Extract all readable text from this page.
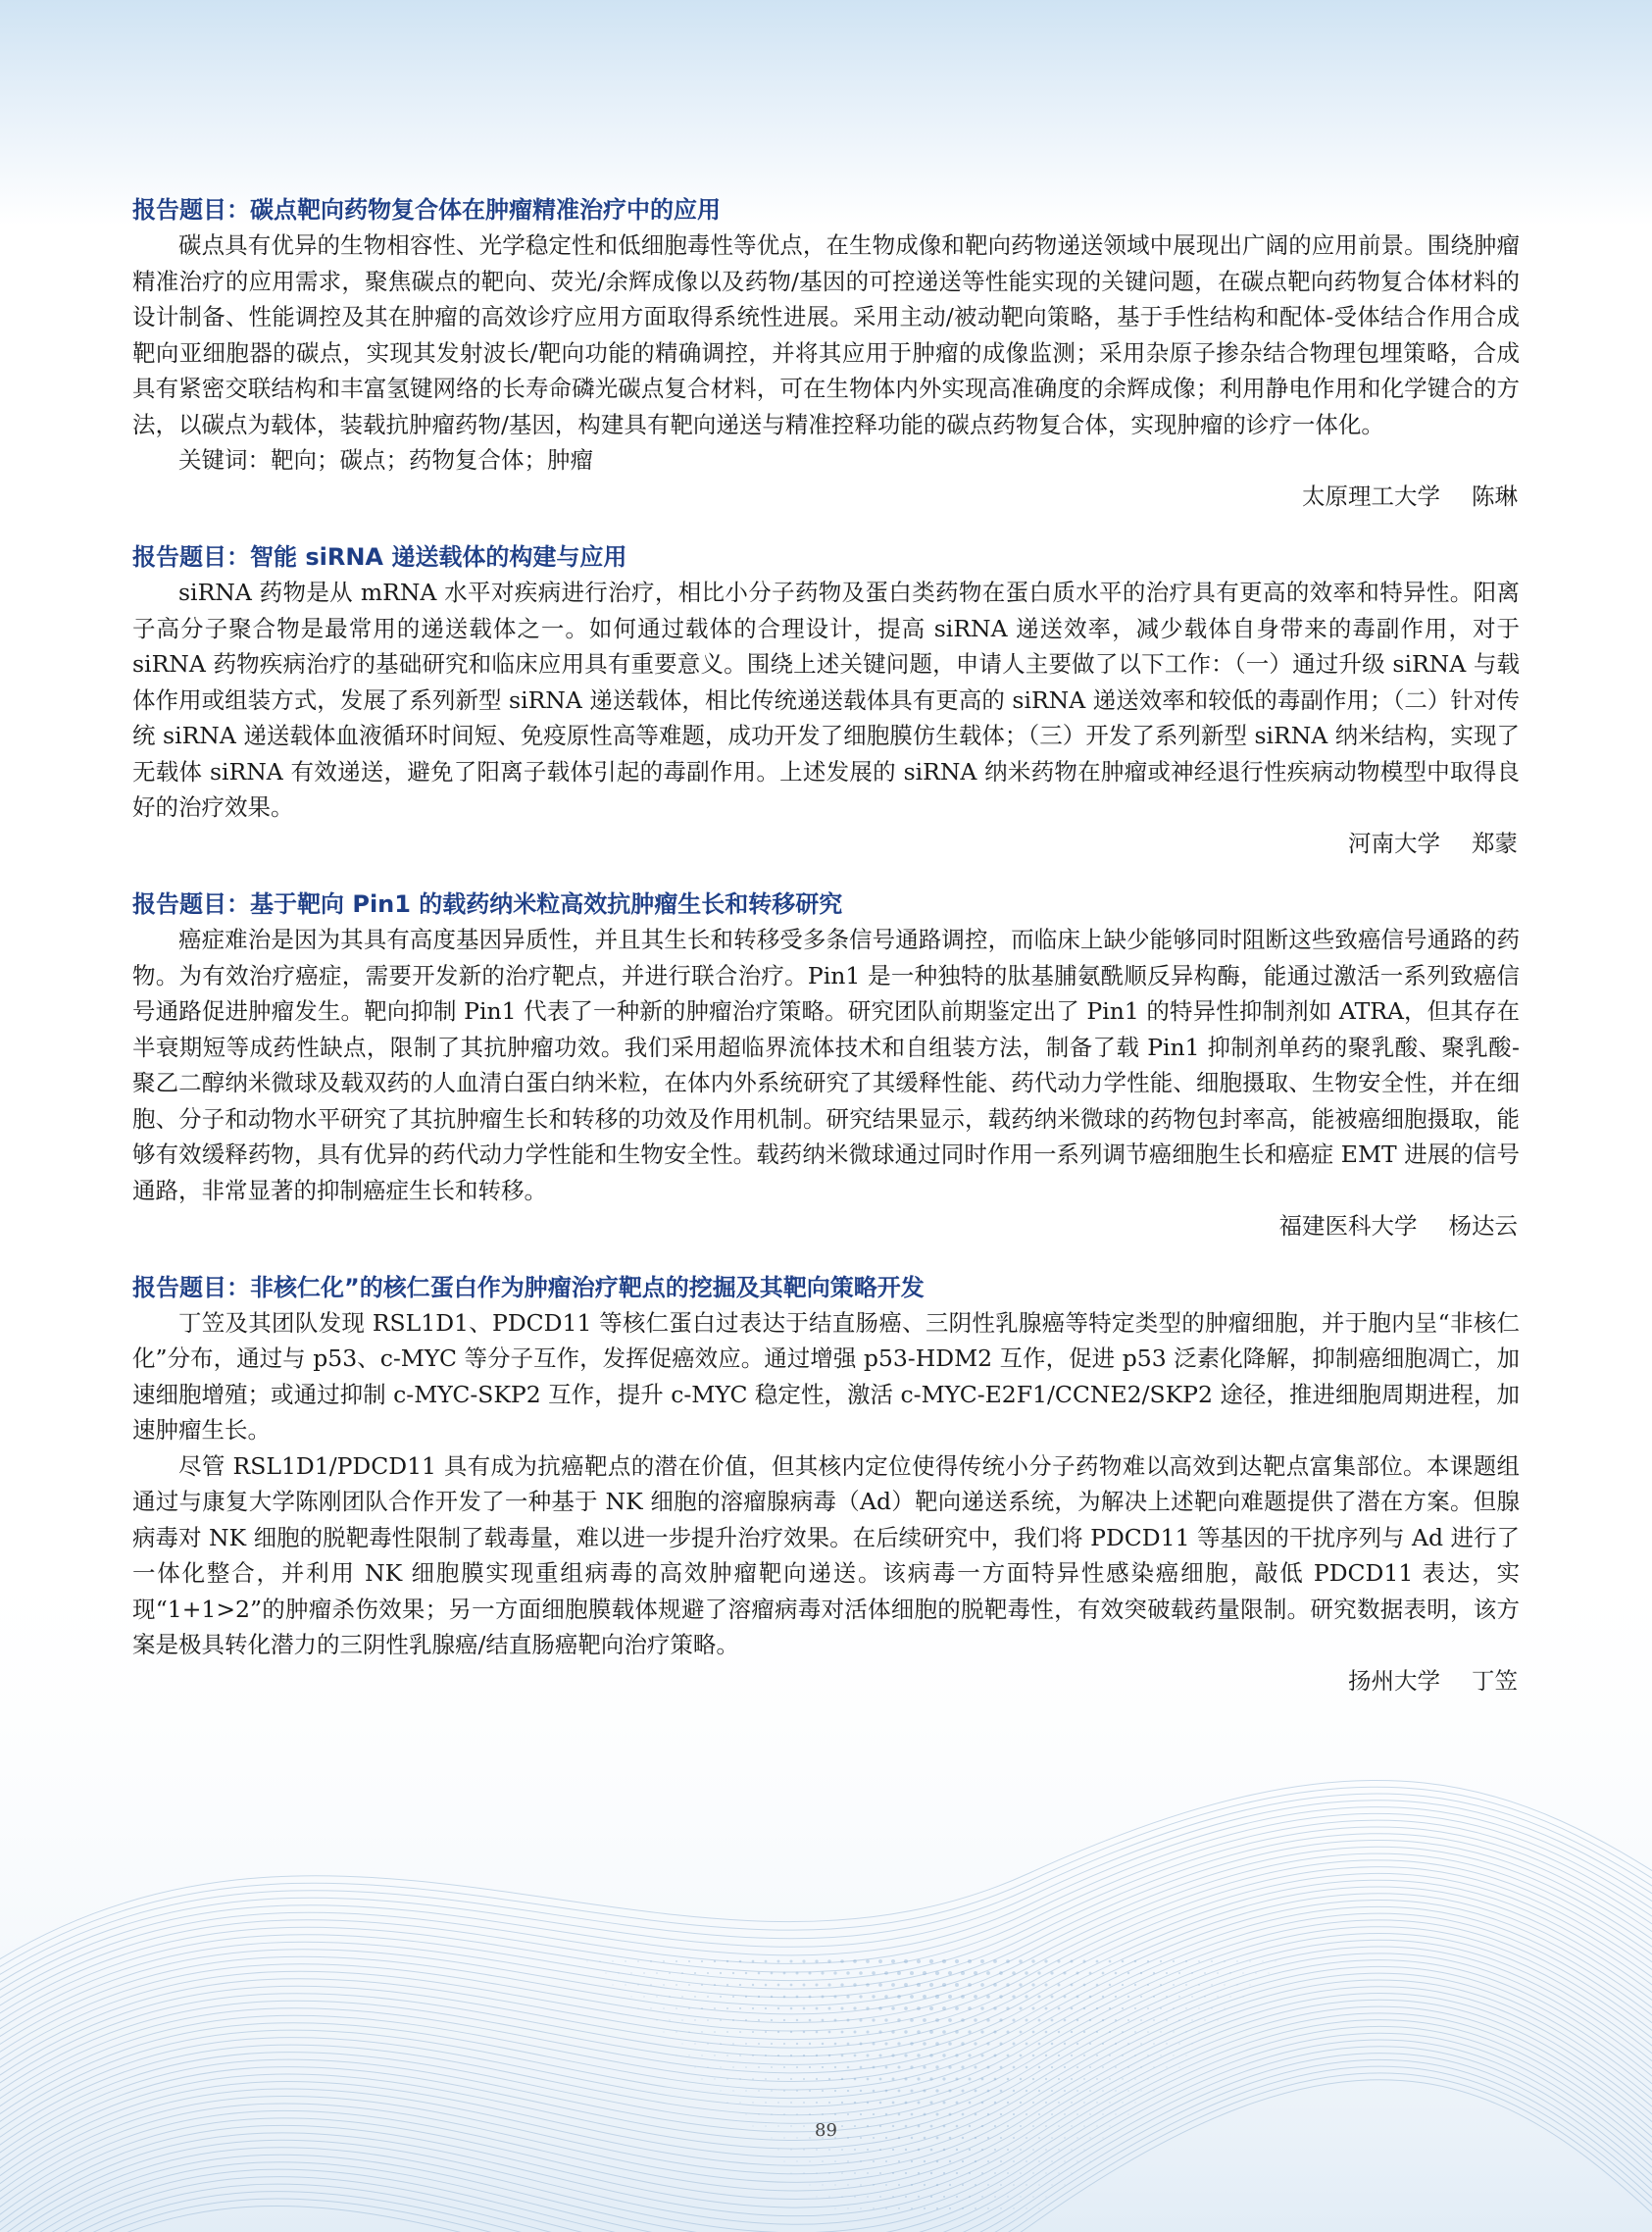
报告题目：碳点靶向药物复合体在肿瘤精准治疗中的应用

碳点具有优异的生物相容性、光学稳定性和低细胞毒性等优点，在生物成像和靶向药物递送领域中展现出广阔的应用前景。围绕肿瘤精准治疗的应用需求，聚焦碳点的靶向、荧光/余辉成像以及药物/基因的可控递送等性能实现的关键问题，在碳点靶向药物复合体材料的设计制备、性能调控及其在肿瘤的高效诊疗应用方面取得系统性进展。采用主动/被动靶向策略，基于手性结构和配体-受体结合作用合成靶向亚细胞器的碳点，实现其发射波长/靶向功能的精确调控，并将其应用于肿瘤的成像监测；采用杂原子掺杂结合物理包埋策略，合成具有紧密交联结构和丰富氢键网络的长寿命磷光碳点复合材料，可在生物体内外实现高准确度的余辉成像；利用静电作用和化学键合的方法，以碳点为载体，装载抗肿瘤药物/基因，构建具有靶向递送与精准控释功能的碳点药物复合体，实现肿瘤的诊疗一体化。

关键词：靶向；碳点；药物复合体；肿瘤

太原理工大学 陈琳

报告题目：智能 siRNA 递送载体的构建与应用

siRNA 药物是从 mRNA 水平对疾病进行治疗，相比小分子药物及蛋白类药物在蛋白质水平的治疗具有更高的效率和特异性。阳离子高分子聚合物是最常用的递送载体之一。如何通过载体的合理设计，提高 siRNA 递送效率，减少载体自身带来的毒副作用，对于 siRNA 药物疾病治疗的基础研究和临床应用具有重要意义。围绕上述关键问题，申请人主要做了以下工作：（一）通过升级 siRNA 与载体作用或组装方式，发展了系列新型 siRNA 递送载体，相比传统递送载体具有更高的 siRNA 递送效率和较低的毒副作用；（二）针对传统 siRNA 递送载体血液循环时间短、免疫原性高等难题，成功开发了细胞膜仿生载体；（三）开发了系列新型 siRNA 纳米结构，实现了无载体 siRNA 有效递送，避免了阳离子载体引起的毒副作用。上述发展的 siRNA 纳米药物在肿瘤或神经退行性疾病动物模型中取得良好的治疗效果。

河南大学 郑蒙

报告题目：基于靶向 Pin1 的载药纳米粒高效抗肿瘤生长和转移研究

癌症难治是因为其具有高度基因异质性，并且其生长和转移受多条信号通路调控，而临床上缺少能够同时阻断这些致癌信号通路的药物。为有效治疗癌症，需要开发新的治疗靶点，并进行联合治疗。Pin1 是一种独特的肽基脯氨酰顺反异构酶，能通过激活一系列致癌信号通路促进肿瘤发生。靶向抑制 Pin1 代表了一种新的肿瘤治疗策略。研究团队前期鉴定出了 Pin1 的特异性抑制剂如 ATRA，但其存在半衰期短等成药性缺点，限制了其抗肿瘤功效。我们采用超临界流体技术和自组装方法，制备了载 Pin1 抑制剂单药的聚乳酸、聚乳酸-聚乙二醇纳米微球及载双药的人血清白蛋白纳米粒，在体内外系统研究了其缓释性能、药代动力学性能、细胞摄取、生物安全性，并在细胞、分子和动物水平研究了其抗肿瘤生长和转移的功效及作用机制。研究结果显示，载药纳米微球的药物包封率高，能被癌细胞摄取，能够有效缓释药物，具有优异的药代动力学性能和生物安全性。载药纳米微球通过同时作用一系列调节癌细胞生长和癌症 EMT 进展的信号通路，非常显著的抑制癌症生长和转移。

福建医科大学 杨达云

报告题目：非核仁化”的核仁蛋白作为肿瘤治疗靶点的挖掘及其靶向策略开发

丁笠及其团队发现 RSL1D1、PDCD11 等核仁蛋白过表达于结直肠癌、三阴性乳腺癌等特定类型的肿瘤细胞，并于胞内呈“非核仁化”分布，通过与 p53、c-MYC 等分子互作，发挥促癌效应。通过增强 p53-HDM2 互作，促进 p53 泛素化降解，抑制癌细胞凋亡，加速细胞增殖；或通过抑制 c-MYC-SKP2 互作，提升 c-MYC 稳定性，激活 c-MYC-E2F1/CCNE2/SKP2 途径，推进细胞周期进程，加速肿瘤生长。

尽管 RSL1D1/PDCD11 具有成为抗癌靶点的潜在价值，但其核内定位使得传统小分子药物难以高效到达靶点富集部位。本课题组通过与康复大学陈刚团队合作开发了一种基于 NK 细胞的溶瘤腺病毒（Ad）靶向递送系统，为解决上述靶向难题提供了潜在方案。但腺病毒对 NK 细胞的脱靶毒性限制了载毒量，难以进一步提升治疗效果。在后续研究中，我们将 PDCD11 等基因的干扰序列与 Ad 进行了一体化整合，并利用 NK 细胞膜实现重组病毒的高效肿瘤靶向递送。该病毒一方面特异性感染癌细胞，敲低 PDCD11 表达，实现“1+1>2”的肿瘤杀伤效果；另一方面细胞膜载体规避了溶瘤病毒对活体细胞的脱靶毒性，有效突破载药量限制。研究数据表明，该方案是极具转化潜力的三阴性乳腺癌/结直肠癌靶向治疗策略。

扬州大学 丁笠

89
